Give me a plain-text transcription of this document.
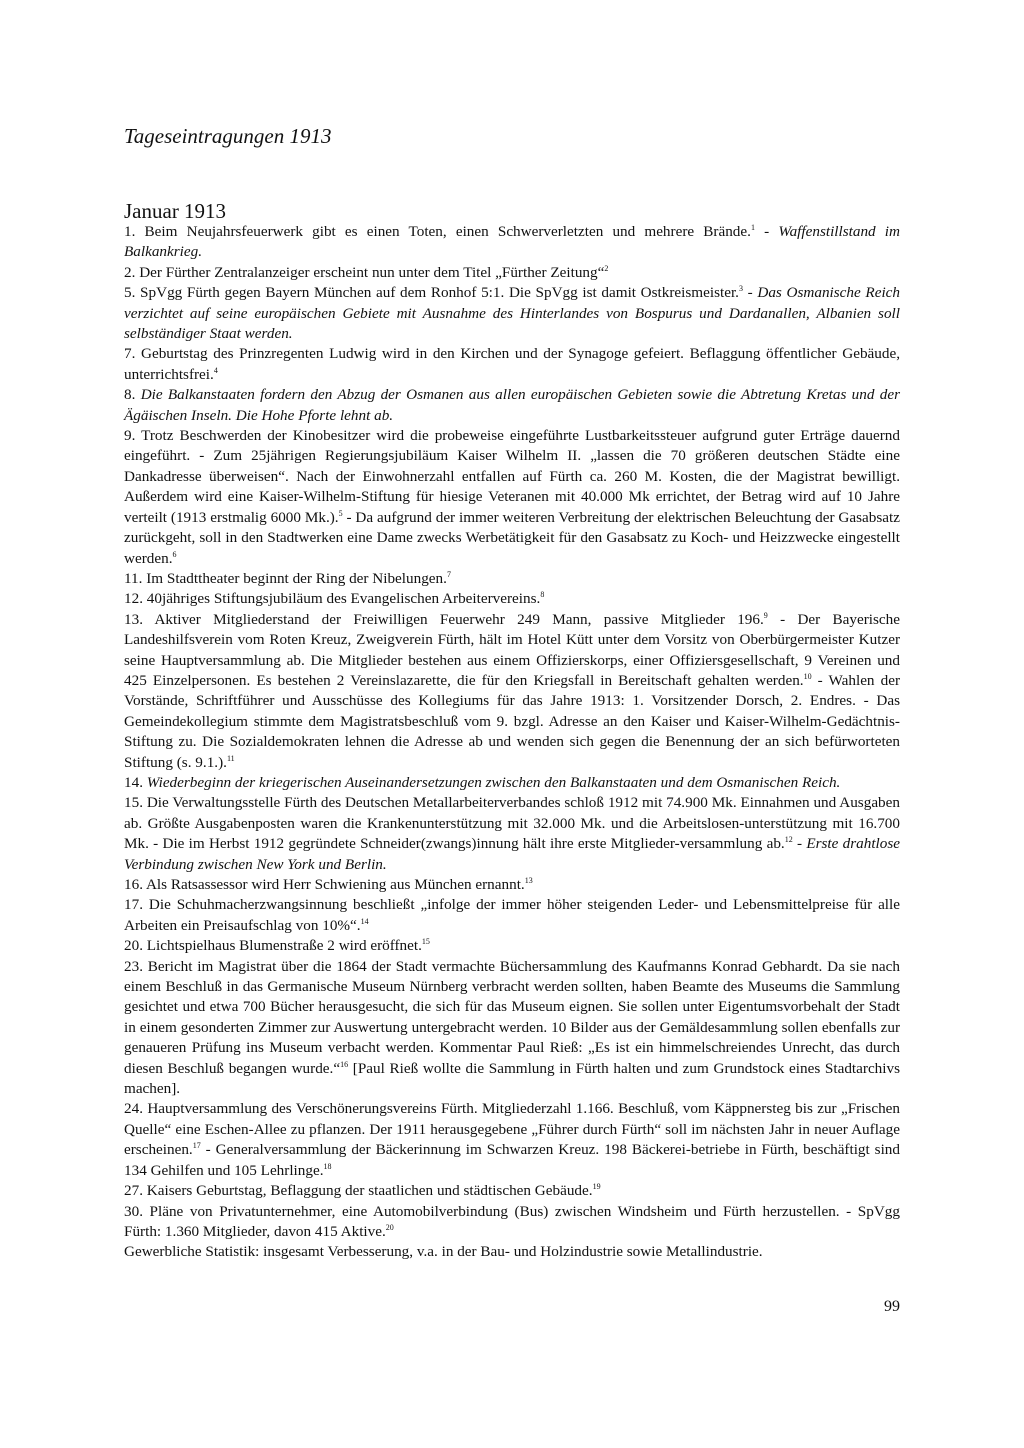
Tageseintragungen 1913
Januar 1913

1. Beim Neujahrsfeuerwerk gibt es einen Toten, einen Schwerverletzten und mehrere Brände.$^1$ - Waffenstillstand im Balkankrieg.

2. Der Fürther Zentralanzeiger erscheint nun unter dem Titel „Fürther Zeitung“$^2$

5. SpVgg Fürth gegen Bayern München auf dem Ronhof 5:1. Die SpVgg ist damit Ostkreismeister.$^3$ - Das Osmanische Reich verzichtet auf seine europäischen Gebiete mit Ausnahme des Hinterlandes von Bospurus und Dardanallen, Albanien soll selbständiger Staat werden.

7. Geburtstag des Prinzregenten Ludwig wird in den Kirchen und der Synagoge gefeiert. Beflaggung öffentlicher Gebäude, unterrichtsfrei.$^4$

8. Die Balkanstaaten fordern den Abzug der Osmanen aus allen europäischen Gebieten sowie die Abtretung Kretas und der Ägäischen Inseln. Die Hohe Pforte lehnt ab.

9. Trotz Beschwerden der Kinobesitzer wird die probeweise eingeführte Lustbarkeitssteuer aufgrund guter Erträge dauernd eingeführt. - Zum 25jährigen Regierungsjubiläum Kaiser Wilhelm II. „lassen die 70 größeren deutschen Städte eine Dankadresse überweisen“. Nach der Einwohnerzahl entfallen auf Fürth ca. 260 M. Kosten, die der Magistrat bewilligt. Außerdem wird eine Kaiser-Wilhelm-Stiftung für hiesige Veteranen mit 40.000 Mk errichtet, der Betrag wird auf 10 Jahre verteilt (1913 erstmalig 6000 Mk.).$^5$ - Da aufgrund der immer weiteren Verbreitung der elektrischen Beleuchtung der Gasabsatz zurückgeht, soll in den Stadtwerken eine Dame zwecks Werbetätigkeit für den Gasabsatz zu Koch- und Heizzwecke eingestellt werden.$^6$

11. Im Stadttheater beginnt der Ring der Nibelungen.$^7$

12. 40jähriges Stiftungsjubiläum des Evangelischen Arbeitervereins.$^8$

13. Aktiver Mitgliederstand der Freiwilligen Feuerwehr 249 Mann, passive Mitglieder 196.$^9$ - Der Bayerische Landeshilfsverein vom Roten Kreuz, Zweigverein Fürth, hält im Hotel Kütt unter dem Vorsitz von Oberbürgermeister Kutzer seine Hauptversammlung ab. Die Mitglieder bestehen aus einem Offizierskorps, einer Offiziersgesellschaft, 9 Vereinen und 425 Einzelpersonen. Es bestehen 2 Vereinslazarette, die für den Kriegsfall in Bereitschaft gehalten werden.$^{10}$ - Wahlen der Vorstände, Schriftführer und Ausschüsse des Kollegiums für das Jahre 1913: 1. Vorsitzender Dorsch, 2. Endres. - Das Gemeindekollegium stimmte dem Magistratsbeschluß vom 9. bzgl. Adresse an den Kaiser und Kaiser-Wilhelm-Gedächtnis-Stiftung zu. Die Sozialdemokraten lehnen die Adresse ab und wenden sich gegen die Benennung der an sich befürworteten Stiftung (s. 9.1.).$^{11}$

14. Wiederbeginn der kriegerischen Auseinandersetzungen zwischen den Balkanstaaten und dem Osmanischen Reich.

15. Die Verwaltungsstelle Fürth des Deutschen Metallarbeiterverbandes schloß 1912 mit 74.900 Mk. Einnahmen und Ausgaben ab. Größte Ausgabenposten waren die Krankenunterstützung mit 32.000 Mk. und die Arbeitslosen-unterstützung mit 16.700 Mk. - Die im Herbst 1912 gegründete Schneider(zwangs)innung hält ihre erste Mitglieder-versammlung ab.$^{12}$ - Erste drahtlose Verbindung zwischen New York und Berlin.

16. Als Ratsassessor wird Herr Schwiening aus München ernannt.$^{13}$

17. Die Schuhmacherzwangsinnung beschließt „infolge der immer höher steigenden Leder- und Lebensmittelpreise für alle Arbeiten ein Preisaufschlag von 10%“.$^{14}$

20. Lichtspielhaus Blumenstraße 2 wird eröffnet.$^{15}$

23. Bericht im Magistrat über die 1864 der Stadt vermachte Büchersammlung des Kaufmanns Konrad Gebhardt. Da sie nach einem Beschluß in das Germanische Museum Nürnberg verbracht werden sollten, haben Beamte des Museums die Sammlung gesichtet und etwa 700 Bücher herausgesucht, die sich für das Museum eignen. Sie sollen unter Eigentumsvorbehalt der Stadt in einem gesonderten Zimmer zur Auswertung untergebracht werden. 10 Bilder aus der Gemäldesammlung sollen ebenfalls zur genaueren Prüfung ins Museum verbacht werden. Kommentar Paul Rieß: „Es ist ein himmelschreiendes Unrecht, das durch diesen Beschluß begangen wurde.“$^{16}$ [Paul Rieß wollte die Sammlung in Fürth halten und zum Grundstock eines Stadtarchivs machen].

24. Hauptversammlung des Verschönerungsvereins Fürth. Mitgliederzahl 1.166. Beschluß, vom Käppnersteg bis zur „Frischen Quelle“ eine Eschen-Allee zu pflanzen. Der 1911 herausgegebene „Führer durch Fürth“ soll im nächsten Jahr in neuer Auflage erscheinen.$^{17}$ - Generalversammlung der Bäckerinnung im Schwarzen Kreuz. 198 Bäckerei-betriebe in Fürth, beschäftigt sind 134 Gehilfen und 105 Lehrlinge.$^{18}$

27. Kaisers Geburtstag, Beflaggung der staatlichen und städtischen Gebäude.$^{19}$

30. Pläne von Privatunternehmer, eine Automobilverbindung (Bus) zwischen Windsheim und Fürth herzustellen. - SpVgg Fürth: 1.360 Mitglieder, davon 415 Aktive.$^{20}$

Gewerbliche Statistik: insgesamt Verbesserung, v.a. in der Bau- und Holzindustrie sowie Metallindustrie.

99
